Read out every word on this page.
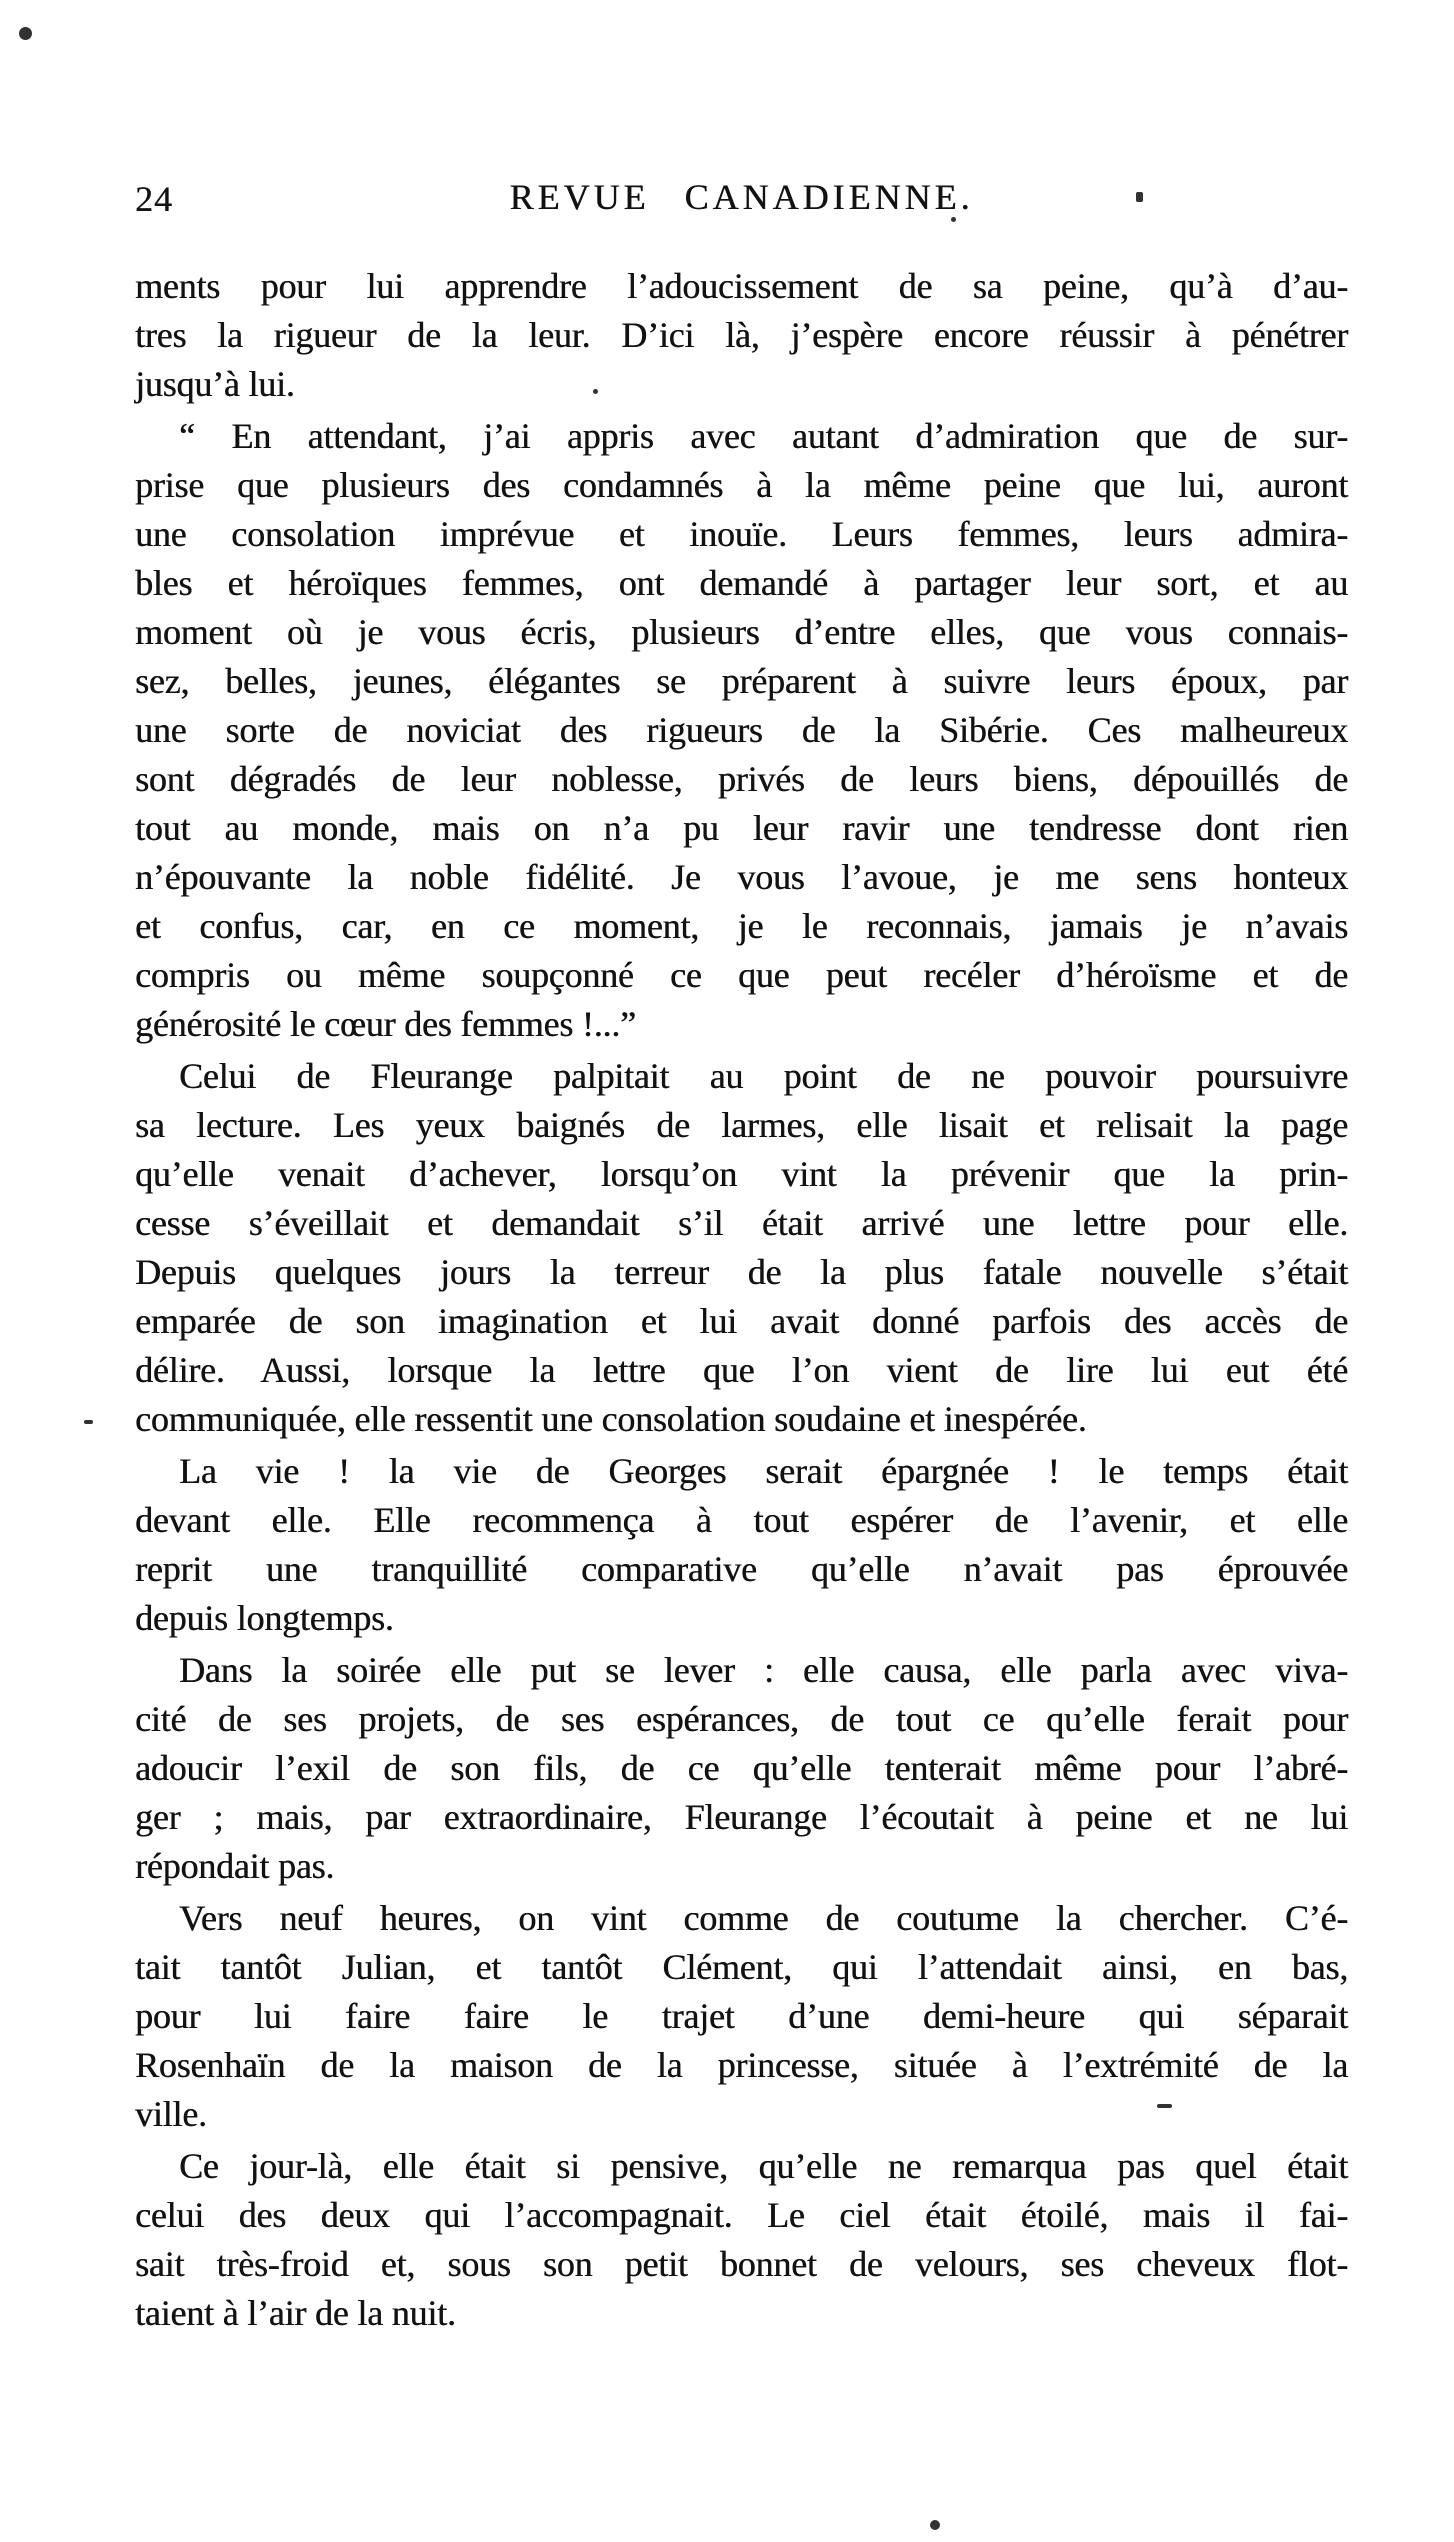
24	REVUE CANADIENNE.
ments pour lui apprendre l’adoucissement de sa peine, qu’à d’au-
tres la rigueur de la leur. D’ici là, j’espère encore réussir à pénétrer
jusqu’à lui.
“ En attendant, j’ai appris avec autant d’admiration que de sur-
prise que plusieurs des condamnés à la même peine que lui, auront
une consolation imprévue et inouïe. Leurs femmes, leurs admira-
bles et héroïques femmes, ont demandé à partager leur sort, et au
moment où je vous écris, plusieurs d’entre elles, que vous connais-
sez, belles, jeunes, élégantes se préparent à suivre leurs époux, par
une sorte de noviciat des rigueurs de la Sibérie. Ces malheureux
sont dégradés de leur noblesse, privés de leurs biens, dépouillés de
tout au monde, mais on n’a pu leur ravir une tendresse dont rien
n’épouvante la noble fidélité. Je vous l’avoue, je me sens honteux
et confus, car, en ce moment, je le reconnais, jamais je n’avais
compris ou même soupçonné ce que peut recéler d’héroïsme et de
générosité le cœur des femmes !...”
Celui de Fleurange palpitait au point de ne pouvoir poursuivre
sa lecture. Les yeux baignés de larmes, elle lisait et relisait la page
qu’elle venait d’achever, lorsqu’on vint la prévenir que la prin-
cesse s’éveillait et demandait s’il était arrivé une lettre pour elle.
Depuis quelques jours la terreur de la plus fatale nouvelle s’était
emparée de son imagination et lui avait donné parfois des accès de
délire. Aussi, lorsque la lettre que l’on vient de lire lui eut été
communiquée, elle ressentit une consolation soudaine et inespérée.
La vie ! la vie de Georges serait épargnée ! le temps était
devant elle. Elle recommença à tout espérer de l’avenir, et elle
reprit une tranquillité comparative qu’elle n’avait pas éprouvée
depuis longtemps.
Dans la soirée elle put se lever : elle causa, elle parla avec viva-
cité de ses projets, de ses espérances, de tout ce qu’elle ferait pour
adoucir l’exil de son fils, de ce qu’elle tenterait même pour l’abré-
ger ; mais, par extraordinaire, Fleurange l’écoutait à peine et ne lui
répondait pas.
Vers neuf heures, on vint comme de coutume la chercher. C’é-
tait tantôt Julian, et tantôt Clément, qui l’attendait ainsi, en bas,
pour lui faire faire le trajet d’une demi-heure qui séparait
Rosenhaïn de la maison de la princesse, située à l’extrémité de la
ville.
Ce jour-là, elle était si pensive, qu’elle ne remarqua pas quel était
celui des deux qui l’accompagnait. Le ciel était étoilé, mais il fai-
sait très-froid et, sous son petit bonnet de velours, ses cheveux flot-
taient à l’air de la nuit.
